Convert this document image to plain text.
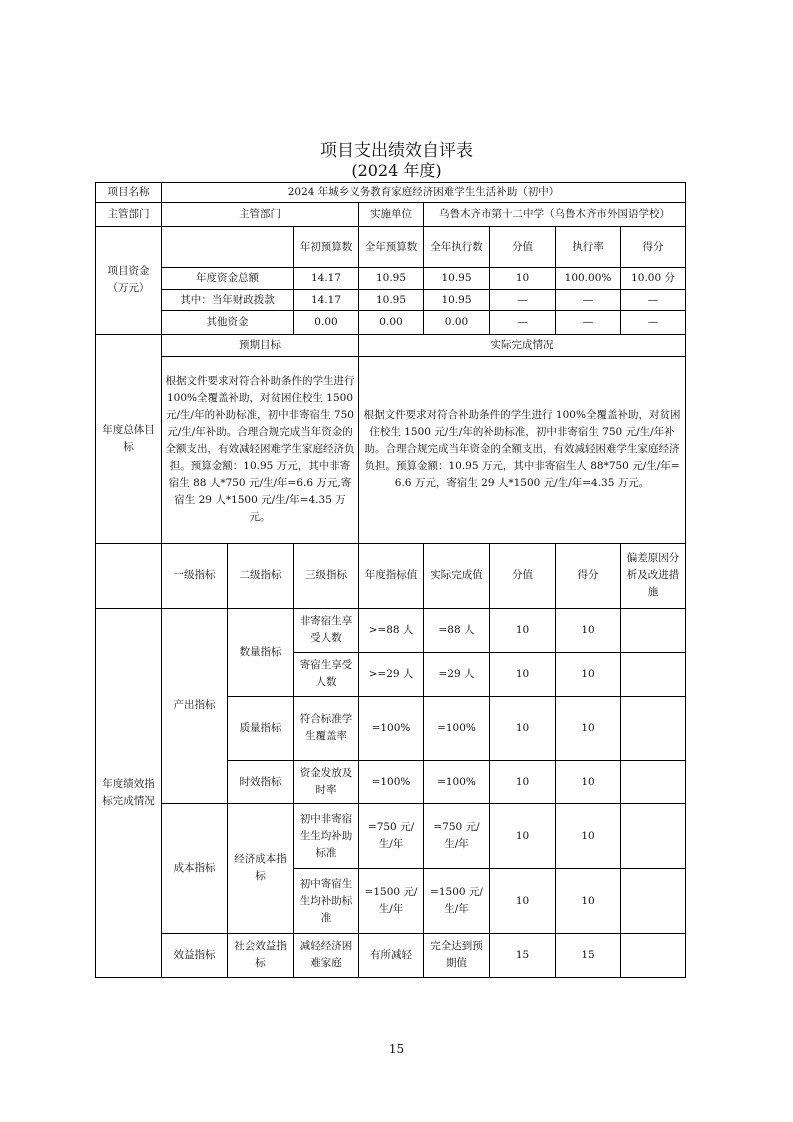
项目支出绩效自评表
(2024 年度)
项目名称	2024 年城乡义务教育家庭经济困难学生生活补助（初中）							
主管部门	主管部门			实施单位	乌鲁木齐市第十二中学（乌鲁木齐市外国语学校）			
项目资金（万元）			年初预算数	全年预算数	全年执行数	分值	执行率	得分
	年度资金总额		14.17	10.95	10.95	10	100.00%	10.00 分
	其中：当年财政拨款		14.17	10.95	10.95	—	—	—
	其他资金		0.00	0.00	0.00	—	—	—
年度总体目标	预期目标			实际完成情况				
	根据文件要求对符合补助条件的学生进行 100%全覆盖补助，对贫困住校生 1500 元/生/年的补助标准，初中非寄宿生 750 元/生/年补助。合理合规完成当年资金的全额支出，有效减轻困难学生家庭经济负担。预算金额：10.95 万元，其中非寄宿生 88 人*750 元/生/年=6.6 万元,寄宿生 29 人*1500 元/生/年=4.35 万元。			根据文件要求对符合补助条件的学生进行 100%全覆盖补助，对贫困住校生 1500 元/生/年的补助标准，初中非寄宿生 750 元/生/年补助。合理合规完成当年资金的全额支出，有效减轻困难学生家庭经济负担。预算金额：10.95 万元，其中非寄宿生人 88*750 元/生/年=6.6 万元，寄宿生 29 人*1500 元/生/年=4.35 万元。				
	一级指标	二级指标	三级指标	年度指标值	实际完成值	分值	得分	偏差原因分析及改进措施
年度绩效指标完成情况	产出指标	数量指标	非寄宿生享受人数	>=88 人	=88 人	10	10	
			寄宿生享受人数	>=29 人	=29 人	10	10	
		质量指标	符合标准学生覆盖率	=100%	=100%	10	10	
		时效指标	资金发放及时率	=100%	=100%	10	10	
	成本指标	经济成本指标	初中非寄宿生生均补助标准	=750 元/生/年	=750 元/生/年	10	10	
			初中寄宿生生均补助标准	=1500 元/生/年	=1500 元/生/年	10	10	
	效益指标	社会效益指标	减轻经济困难家庭	有所减轻	完全达到预期值	15	15	
15
